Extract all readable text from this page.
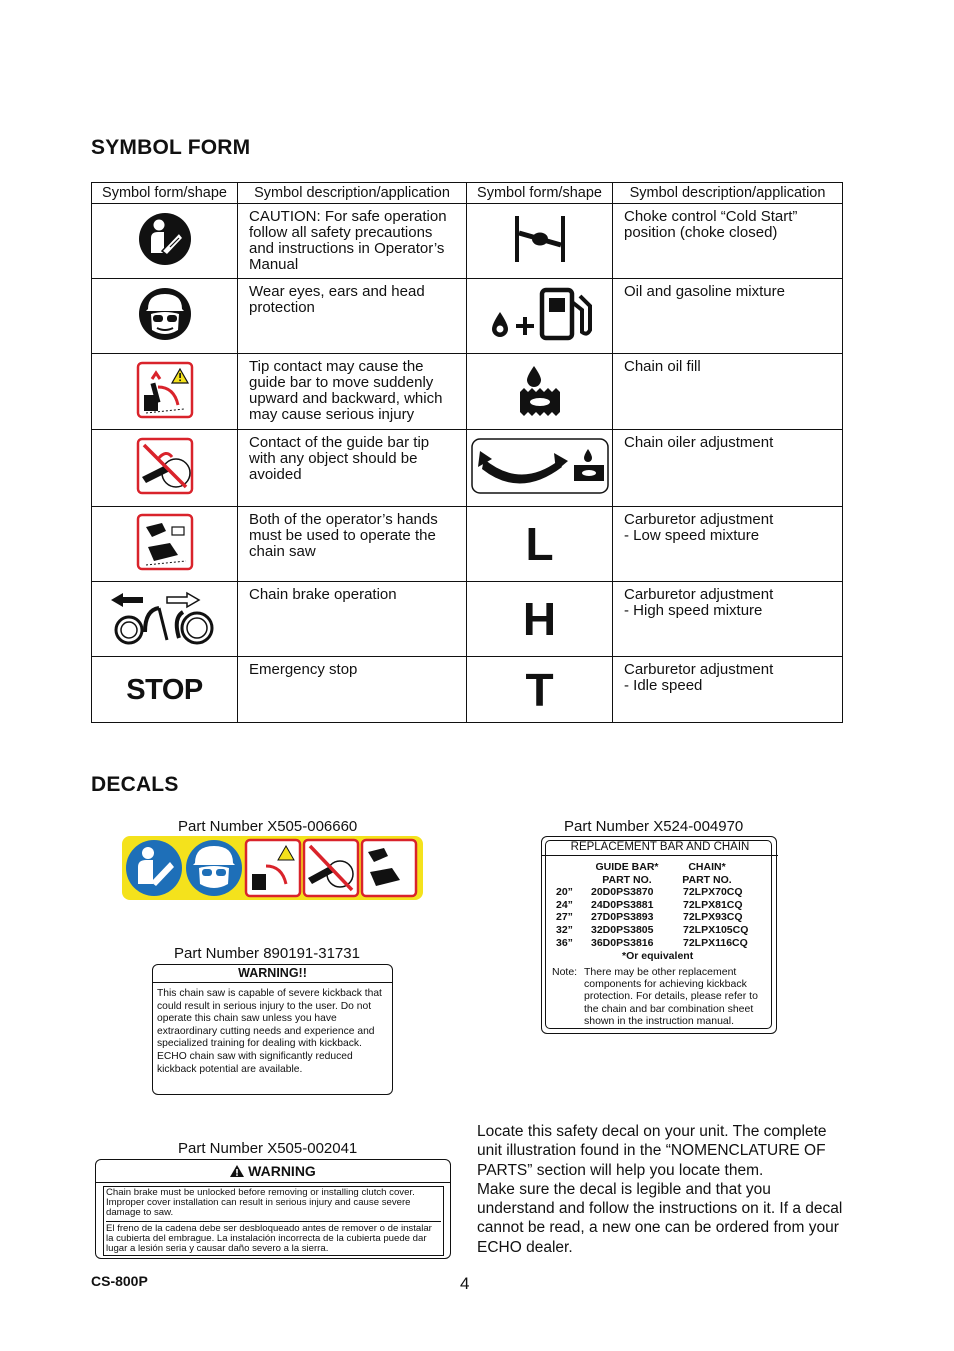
SYMBOL FORM
Symbol form/shape	Symbol description/application	Symbol form/shape	Symbol description/application
	CAUTION: For safe operation follow all safety precautions and instructions in Operator’s Manual		Choke control “Cold Start” position (choke closed)
	Wear eyes, ears and head protection		Oil and gasoline mixture
	Tip contact may cause the guide bar to move suddenly upward and backward, which may cause serious injury		Chain oil fill
	Contact of the guide bar tip with any object should be avoided		Chain oiler adjustment
	Both of the operator’s hands must be used to operate the chain saw	L	Carburetor adjustment
- Low speed mixture
	Chain brake operation	H	Carburetor adjustment
- High speed mixture

STOP	Emergency stop	T	Carburetor adjustment
- Idle speed
DECALS
Part Number X505-006660
Part Number 890191-31731
WARNING!!
This chain saw is capable of severe kickback that could result in serious injury to the user. Do not operate this chain saw unless you have extraordinary cutting needs and experience and specialized training for dealing with kickback. ECHO chain saw with significantly reduced kickback potential are available.
Part Number X524-004970
REPLACEMENT BAR AND CHAIN
GUIDE BAR*
PART NO.
CHAIN*
PART NO.
20” 20D0PS3870	72LPX70CQ
24” 24D0PS3881	72LPX81CQ
27” 27D0PS3893	72LPX93CQ
32” 32D0PS3805	72LPX105CQ
36” 36D0PS3816	72LPX116CQ
*Or equivalent
Note: There may be other replacement components for achieving kickback protection. For details, please refer to the chain and bar combination sheet shown in the instruction manual.
Part Number X505-002041
WARNING
Chain brake must be unlocked before removing or installing clutch cover. Improper cover installation can result in serious injury and cause severe damage to saw.
El freno de la cadena debe ser desbloqueado antes de remover o de instalar la cubierta del embrague. La instalación incorrecta de la cubierta puede dar lugar a lesión seria y causar daño severo a la sierra.
Locate this safety decal on your unit. The complete unit illustration found in the “NOMENCLATURE OF PARTS” section will help you locate them.
Make sure the decal is legible and that you understand and follow the instructions on it. If a decal cannot be read, a new one can be ordered from your ECHO dealer.
CS-800P	4
